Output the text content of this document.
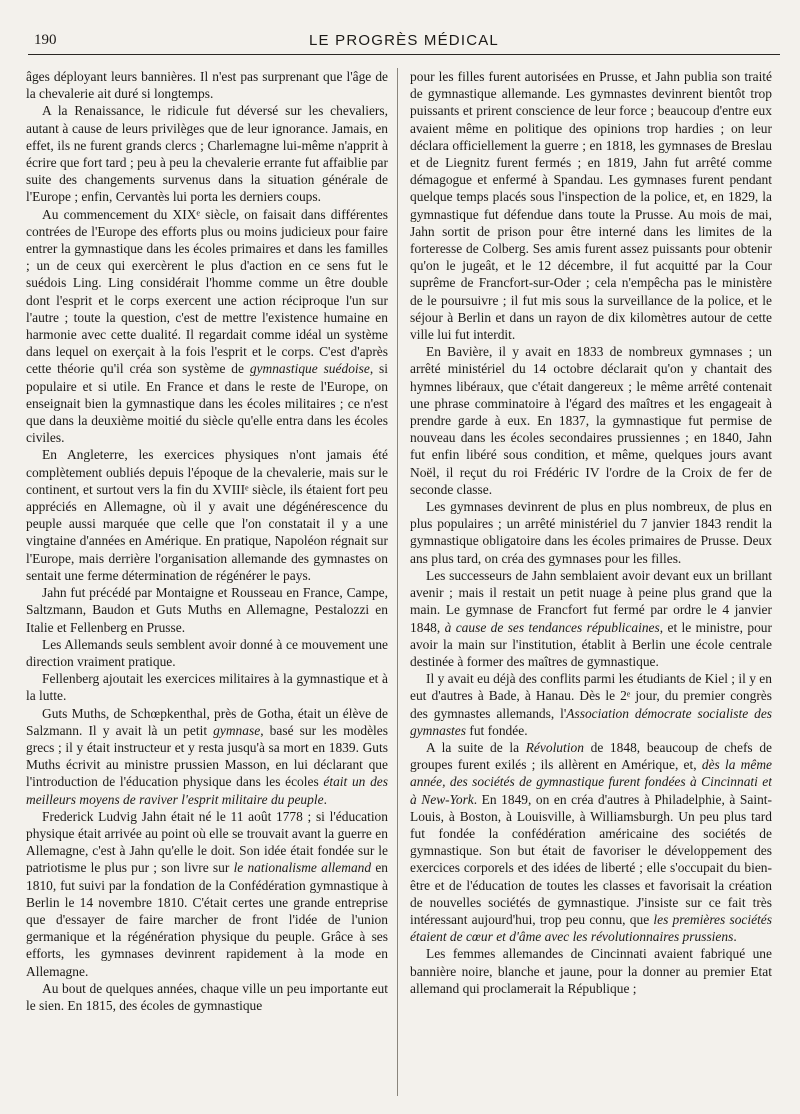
190	LE PROGRÈS MÉDICAL

âges déployant leurs bannières. Il n'est pas surprenant que l'âge de la chevalerie ait duré si longtemps.

A la Renaissance, le ridicule fut déversé sur les chevaliers, autant à cause de leurs privilèges que de leur ignorance. Jamais, en effet, ils ne furent grands clercs ; Charlemagne lui-même n'apprit à écrire que fort tard ; peu à peu la chevalerie errante fut affaiblie par suite des changements survenus dans la situation générale de l'Europe ; enfin, Cervantès lui porta les derniers coups.

Au commencement du XIXᵉ siècle, on faisait dans différentes contrées de l'Europe des efforts plus ou moins judicieux pour faire entrer la gymnastique dans les écoles primaires et dans les familles ; un de ceux qui exercèrent le plus d'action en ce sens fut le suédois Ling. Ling considérait l'homme comme un être double dont l'esprit et le corps exercent une action réciproque l'un sur l'autre ; toute la question, c'est de mettre l'existence humaine en harmonie avec cette dualité. Il regardait comme idéal un système dans lequel on exerçait à la fois l'esprit et le corps. C'est d'après cette théorie qu'il créa son système de gymnastique suédoise, si populaire et si utile. En France et dans le reste de l'Europe, on enseignait bien la gymnastique dans les écoles militaires ; ce n'est que dans la deuxième moitié du siècle qu'elle entra dans les écoles civiles.

En Angleterre, les exercices physiques n'ont jamais été complètement oubliés depuis l'époque de la chevalerie, mais sur le continent, et surtout vers la fin du XVIIIᵉ siècle, ils étaient fort peu appréciés en Allemagne, où il y avait une dégénérescence du peuple aussi marquée que celle que l'on constatait il y a une vingtaine d'années en Amérique. En pratique, Napoléon régnait sur l'Europe, mais derrière l'organisation allemande des gymnastes on sentait une ferme détermination de régénérer le pays.

Jahn fut précédé par Montaigne et Rousseau en France, Campe, Saltzmann, Baudon et Guts Muths en Allemagne, Pestalozzi en Italie et Fellenberg en Prusse.

Les Allemands seuls semblent avoir donné à ce mouvement une direction vraiment pratique.

Fellenberg ajoutait les exercices militaires à la gymnastique et à la lutte.

Guts Muths, de Schœpkenthal, près de Gotha, était un élève de Salzmann. Il y avait là un petit gymnase, basé sur les modèles grecs ; il y était instructeur et y resta jusqu'à sa mort en 1839. Guts Muths écrivit au ministre prussien Masson, en lui déclarant que l'introduction de l'éducation physique dans les écoles était un des meilleurs moyens de raviver l'esprit militaire du peuple.

Frederick Ludvig Jahn était né le 11 août 1778 ; si l'éducation physique était arrivée au point où elle se trouvait avant la guerre en Allemagne, c'est à Jahn qu'elle le doit. Son idée était fondée sur le patriotisme le plus pur ; son livre sur le nationalisme allemand en 1810, fut suivi par la fondation de la Confédération gymnastique à Berlin le 14 novembre 1810. C'était certes une grande entreprise que d'essayer de faire marcher de front l'idée de l'union germanique et la régénération physique du peuple. Grâce à ses efforts, les gymnases devinrent rapidement à la mode en Allemagne.

Au bout de quelques années, chaque ville un peu importante eut le sien. En 1815, des écoles de gymnastique

pour les filles furent autorisées en Prusse, et Jahn publia son traité de gymnastique allemande. Les gymnastes devinrent bientôt trop puissants et prirent conscience de leur force ; beaucoup d'entre eux avaient même en politique des opinions trop hardies ; on leur déclara officiellement la guerre ; en 1818, les gymnases de Breslau et de Liegnitz furent fermés ; en 1819, Jahn fut arrêté comme démagogue et enfermé à Spandau. Les gymnases furent pendant quelque temps placés sous l'inspection de la police, et, en 1829, la gymnastique fut défendue dans toute la Prusse. Au mois de mai, Jahn sortit de prison pour être interné dans les limites de la forteresse de Colberg. Ses amis furent assez puissants pour obtenir qu'on le jugeât, et le 12 décembre, il fut acquitté par la Cour suprême de Francfort-sur-Oder ; cela n'empêcha pas le ministère de le poursuivre ; il fut mis sous la surveillance de la police, et le séjour à Berlin et dans un rayon de dix kilomètres autour de cette ville lui fut interdit.

En Bavière, il y avait en 1833 de nombreux gymnases ; un arrêté ministériel du 14 octobre déclarait qu'on y chantait des hymnes libéraux, que c'était dangereux ; le même arrêté contenait une phrase comminatoire à l'égard des maîtres et les engageait à prendre garde à eux. En 1837, la gymnastique fut permise de nouveau dans les écoles secondaires prussiennes ; en 1840, Jahn fut enfin libéré sous condition, et même, quelques jours avant Noël, il reçut du roi Frédéric IV l'ordre de la Croix de fer de seconde classe.

Les gymnases devinrent de plus en plus nombreux, de plus en plus populaires ; un arrêté ministériel du 7 janvier 1843 rendit la gymnastique obligatoire dans les écoles primaires de Prusse. Deux ans plus tard, on créa des gymnases pour les filles.

Les successeurs de Jahn semblaient avoir devant eux un brillant avenir ; mais il restait un petit nuage à peine plus grand que la main. Le gymnase de Francfort fut fermé par ordre le 4 janvier 1848, à cause de ses tendances républicaines, et le ministre, pour avoir la main sur l'institution, établit à Berlin une école centrale destinée à former des maîtres de gymnastique.

Il y avait eu déjà des conflits parmi les étudiants de Kiel ; il y en eut d'autres à Bade, à Hanau. Dès le 2ᵉ jour, du premier congrès des gymnastes allemands, l'Association démocrate socialiste des gymnastes fut fondée.

A la suite de la Révolution de 1848, beaucoup de chefs de groupes furent exilés ; ils allèrent en Amérique, et, dès la même année, des sociétés de gymnastique furent fondées à Cincinnati et à New-York. En 1849, on en créa d'autres à Philadelphie, à Saint-Louis, à Boston, à Louisville, à Williamsburgh. Un peu plus tard fut fondée la confédération américaine des sociétés de gymnastique. Son but était de favoriser le développement des exercices corporels et des idées de liberté ; elle s'occupait du bien-être et de l'éducation de toutes les classes et favorisait la création de nouvelles sociétés de gymnastique. J'insiste sur ce fait très intéressant aujourd'hui, trop peu connu, que les premières sociétés étaient de cœur et d'âme avec les révolutionnaires prussiens.

Les femmes allemandes de Cincinnati avaient fabriqué une bannière noire, blanche et jaune, pour la donner au premier Etat allemand qui proclamerait la République ;
